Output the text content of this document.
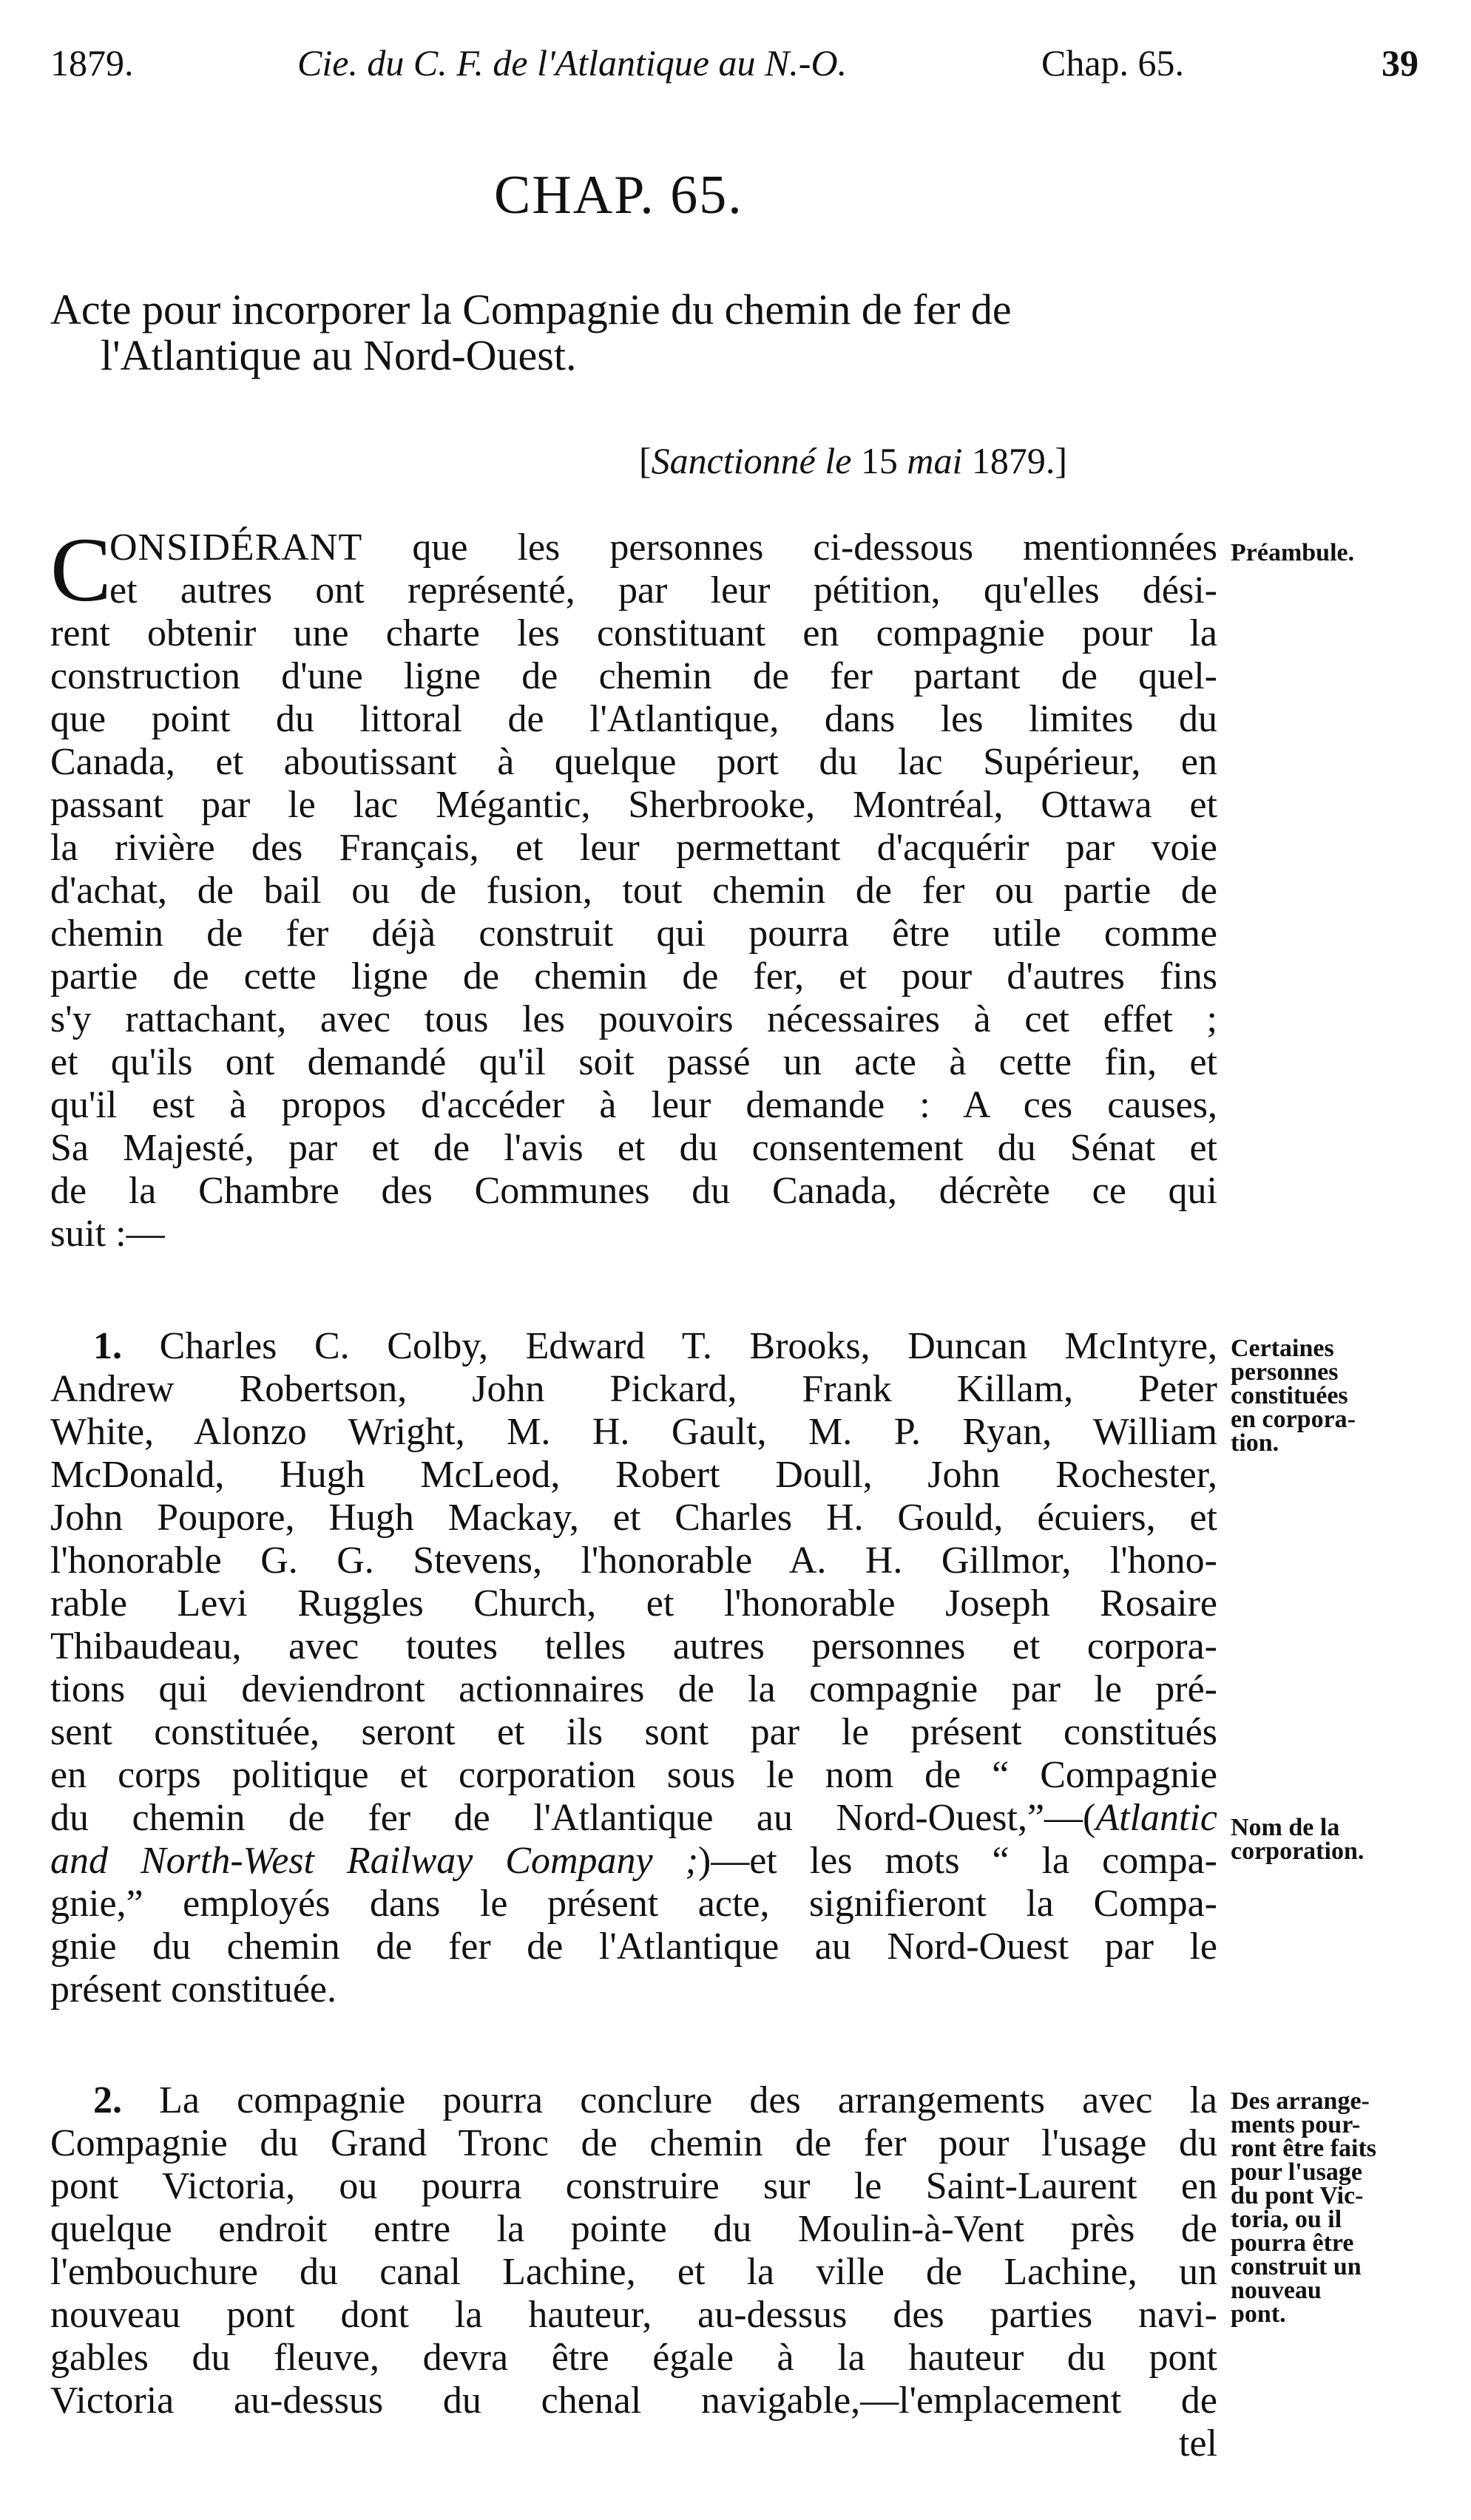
1879.	Cie. du C. F. de l'Atlantique au N.-O.	Chap. 65.	39
CHAP. 65.
Acte pour incorporer la Compagnie du chemin de fer de
l'Atlantique au Nord-Ouest.
[Sanctionné le 15 mai 1879.]
C
ONSIDÉRANT que les personnes ci-dessous mentionnées
et autres ont représenté, par leur pétition, qu'elles dési-
rent obtenir une charte les constituant en compagnie pour la
construction d'une ligne de chemin de fer partant de quel-
que point du littoral de l'Atlantique, dans les limites du
Canada, et aboutissant à quelque port du lac Supérieur, en
passant par le lac Mégantic, Sherbrooke, Montréal, Ottawa et
la rivière des Français, et leur permettant d'acquérir par voie
d'achat, de bail ou de fusion, tout chemin de fer ou partie de
chemin de fer déjà construit qui pourra être utile comme
partie de cette ligne de chemin de fer, et pour d'autres fins
s'y rattachant, avec tous les pouvoirs nécessaires à cet effet ;
et qu'ils ont demandé qu'il soit passé un acte à cette fin, et
qu'il est à propos d'accéder à leur demande : A ces causes,
Sa Majesté, par et de l'avis et du consentement du Sénat et
de la Chambre des Communes du Canada, décrète ce qui
suit :—
Préambule.
1. Charles C. Colby, Edward T. Brooks, Duncan McIntyre,
Andrew Robertson, John Pickard, Frank Killam, Peter
White, Alonzo Wright, M. H. Gault, M. P. Ryan, William
McDonald, Hugh McLeod, Robert Doull, John Rochester,
John Poupore, Hugh Mackay, et Charles H. Gould, écuiers, et
l'honorable G. G. Stevens, l'honorable A. H. Gillmor, l'hono-
rable Levi Ruggles Church, et l'honorable Joseph Rosaire
Thibaudeau, avec toutes telles autres personnes et corpora-
tions qui deviendront actionnaires de la compagnie par le pré-
sent constituée, seront et ils sont par le présent constitués
en corps politique et corporation sous le nom de “ Compagnie
du chemin de fer de l'Atlantique au Nord-Ouest,”—(Atlantic
and North-West Railway Company ;)—et les mots “ la compa-
gnie,” employés dans le présent acte, signifieront la Compa-
gnie du chemin de fer de l'Atlantique au Nord-Ouest par le
présent constituée.
Certaines
personnes
constituées
en corpora-
tion.
Nom de la
corporation.
2. La compagnie pourra conclure des arrangements avec la
Compagnie du Grand Tronc de chemin de fer pour l'usage du
pont Victoria, ou pourra construire sur le Saint-Laurent en
quelque endroit entre la pointe du Moulin-à-Vent près de
l'embouchure du canal Lachine, et la ville de Lachine, un
nouveau pont dont la hauteur, au-dessus des parties navi-
gables du fleuve, devra être égale à la hauteur du pont
Victoria au-dessus du chenal navigable,—l'emplacement de
tel
Des arrange-
ments pour-
ront être faits
pour l'usage
du pont Vic-
toria, ou il
pourra être
construit un
nouveau
pont.
